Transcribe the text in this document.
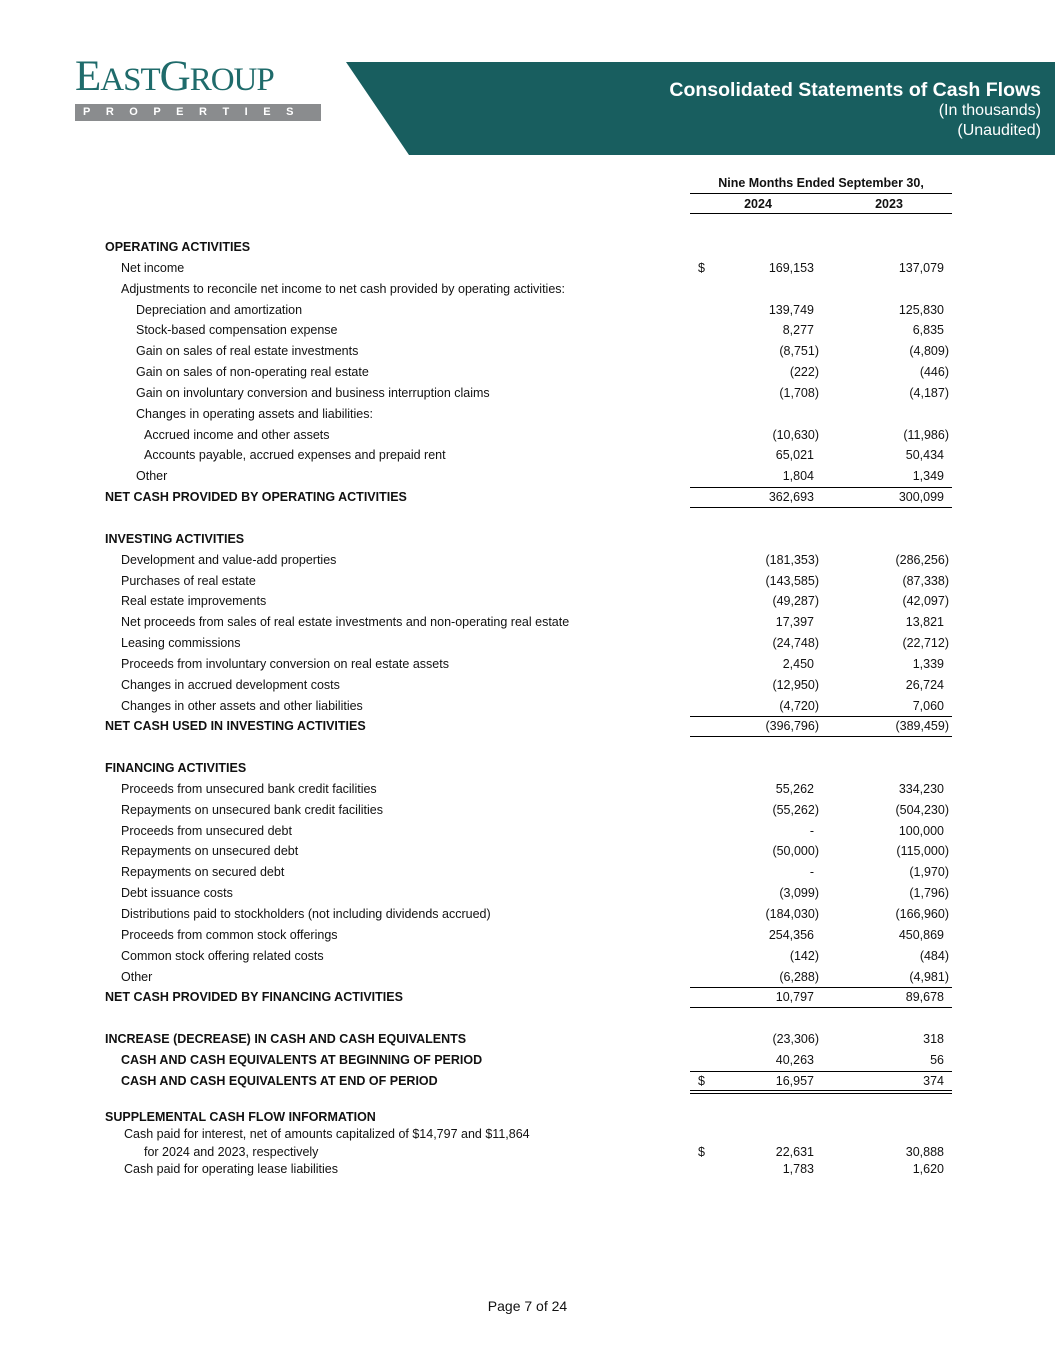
EASTGROUP
PROPERTIES
Consolidated Statements of Cash Flows
(In thousands)
(Unaudited)
Nine Months Ended September 30,
2024	2023
OPERATING ACTIVITIES
Net income	$	169,153	137,079
Adjustments to reconcile net income to net cash provided by operating activities:
Depreciation and amortization	139,749	125,830
Stock-based compensation expense	8,277	6,835
Gain on sales of real estate investments	(8,751)	(4,809)
Gain on sales of non-operating real estate	(222)	(446)
Gain on involuntary conversion and business interruption claims	(1,708)	(4,187)
Changes in operating assets and liabilities:
Accrued income and other assets	(10,630)	(11,986)
Accounts payable, accrued expenses and prepaid rent	65,021	50,434
Other	1,804	1,349
NET CASH PROVIDED BY OPERATING ACTIVITIES	362,693	300,099
INVESTING ACTIVITIES
Development and value-add properties	(181,353)	(286,256)
Purchases of real estate	(143,585)	(87,338)
Real estate improvements	(49,287)	(42,097)
Net proceeds from sales of real estate investments and non-operating real estate	17,397	13,821
Leasing commissions	(24,748)	(22,712)
Proceeds from involuntary conversion on real estate assets	2,450	1,339
Changes in accrued development costs	(12,950)	26,724
Changes in other assets and other liabilities	(4,720)	7,060
NET CASH USED IN INVESTING ACTIVITIES	(396,796)	(389,459)
FINANCING ACTIVITIES
Proceeds from unsecured bank credit facilities	55,262	334,230
Repayments on unsecured bank credit facilities	(55,262)	(504,230)
Proceeds from unsecured debt	-	100,000
Repayments on unsecured debt	(50,000)	(115,000)
Repayments on secured debt	-	(1,970)
Debt issuance costs	(3,099)	(1,796)
Distributions paid to stockholders (not including dividends accrued)	(184,030)	(166,960)
Proceeds from common stock offerings	254,356	450,869
Common stock offering related costs	(142)	(484)
Other	(6,288)	(4,981)
NET CASH PROVIDED BY FINANCING ACTIVITIES	10,797	89,678
INCREASE (DECREASE) IN CASH AND CASH EQUIVALENTS	(23,306)	318
CASH AND CASH EQUIVALENTS AT BEGINNING OF PERIOD	40,263	56
CASH AND CASH EQUIVALENTS AT END OF PERIOD	$	16,957	374
SUPPLEMENTAL CASH FLOW INFORMATION
Cash paid for interest, net of amounts capitalized of $14,797 and $11,864
for 2024 and 2023, respectively	$	22,631	30,888
Cash paid for operating lease liabilities	1,783	1,620
Page 7 of 24
